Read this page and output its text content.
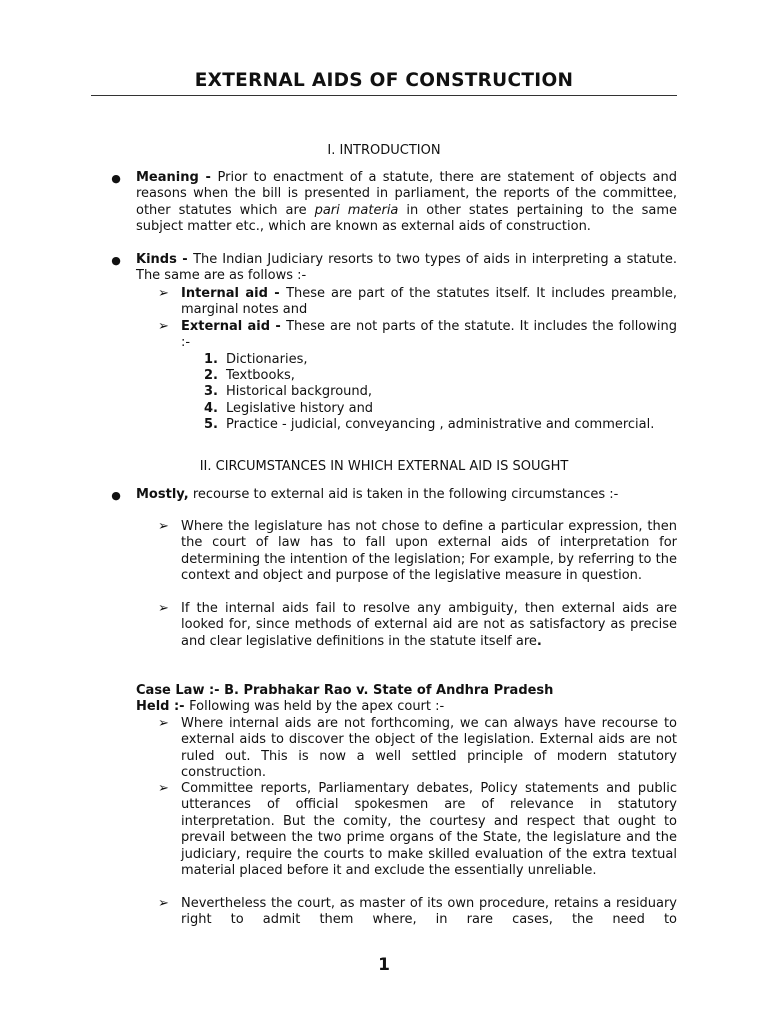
EXTERNAL AIDS OF CONSTRUCTION
I. INTRODUCTION
● Meaning - Prior to enactment of a statute, there are statement of objects and reasons when the bill is presented in parliament, the reports of the committee, other statutes which are pari materia in other states pertaining to the same subject matter etc., which are known as external aids of construction.

● Kinds - The Indian Judiciary resorts to two types of aids in interpreting a statute. The same are as follows :-

➢ Internal aid - These are part of the statutes itself. It includes preamble, marginal notes and

➢ External aid - These are not parts of the statute. It includes the following :-

1. Dictionaries,

2. Textbooks,

3. Historical background,

4. Legislative history and

5. Practice - judicial, conveyancing , administrative and commercial.

II. CIRCUMSTANCES IN WHICH EXTERNAL AID IS SOUGHT
● Mostly, recourse to external aid is taken in the following circumstances :-

➢ Where the legislature has not chose to define a particular expression, then the court of law has to fall upon external aids of interpretation for determining the intention of the legislation; For example, by referring to the context and object and purpose of the legislative measure in question.

➢ If the internal aids fail to resolve any ambiguity, then external aids are looked for, since methods of external aid are not as satisfactory as precise and clear legislative definitions in the statute itself are.

Case Law :- B. Prabhakar Rao v. State of Andhra Pradesh

Held :- Following was held by the apex court :-

➢ Where internal aids are not forthcoming, we can always have recourse to external aids to discover the object of the legislation. External aids are not ruled out. This is now a well settled principle of modern statutory construction.

➢ Committee reports, Parliamentary debates, Policy statements and public utterances of official spokesmen are of relevance in statutory interpretation. But the comity, the courtesy and respect that ought to prevail between the two prime organs of the State, the legislature and the judiciary, require the courts to make skilled evaluation of the extra textual material placed before it and exclude the essentially unreliable.

➢ Nevertheless the court, as master of its own procedure, retains a residuary right to admit them where, in rare cases, the need to

1
